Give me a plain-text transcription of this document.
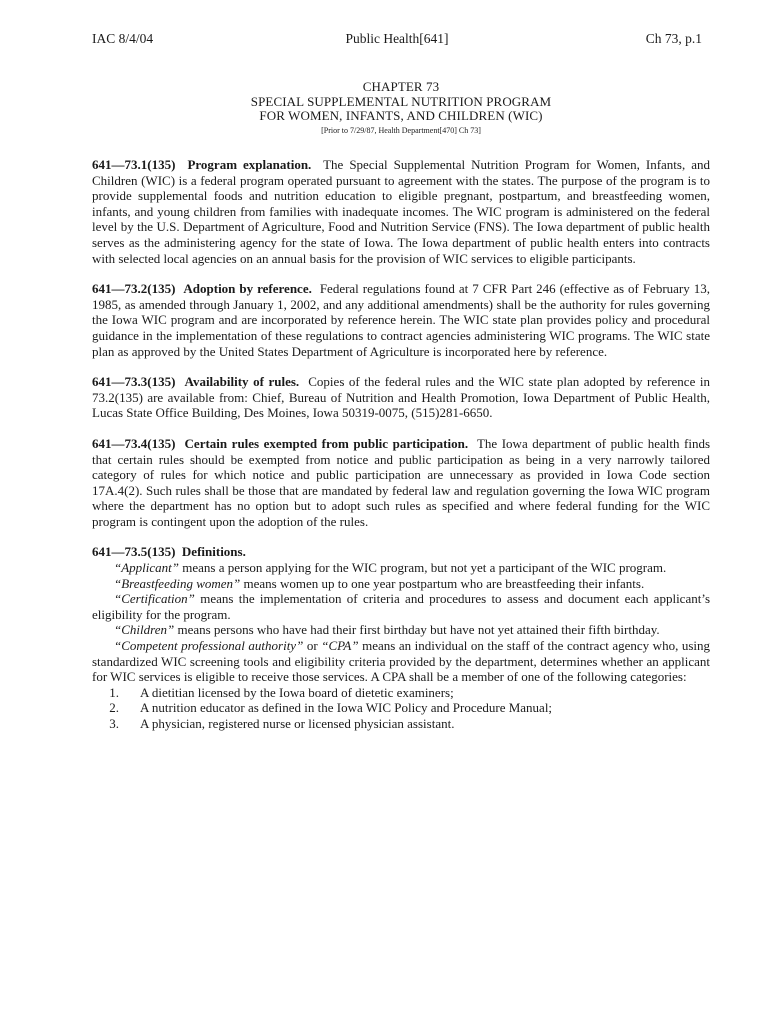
IAC 8/4/04	Public Health[641]	Ch 73, p.1
CHAPTER 73
SPECIAL SUPPLEMENTAL NUTRITION PROGRAM
FOR WOMEN, INFANTS, AND CHILDREN (WIC)
[Prior to 7/29/87, Health Department[470] Ch 73]

641—73.1(135) Program explanation. The Special Supplemental Nutrition Program for Women, Infants, and Children (WIC) is a federal program operated pursuant to agreement with the states. The purpose of the program is to provide supplemental foods and nutrition education to eligible pregnant, postpartum, and breastfeeding women, infants, and young children from families with inadequate incomes. The WIC program is administered on the federal level by the U.S. Department of Agriculture, Food and Nutrition Service (FNS). The Iowa department of public health serves as the administering agency for the state of Iowa. The Iowa department of public health enters into contracts with selected local agencies on an annual basis for the provision of WIC services to eligible participants.

641—73.2(135) Adoption by reference. Federal regulations found at 7 CFR Part 246 (effective as of February 13, 1985, as amended through January 1, 2002, and any additional amendments) shall be the authority for rules governing the Iowa WIC program and are incorporated by reference herein. The WIC state plan provides policy and procedural guidance in the implementation of these regulations to contract agencies administering WIC programs. The WIC state plan as approved by the United States Department of Agriculture is incorporated here by reference.

641—73.3(135) Availability of rules. Copies of the federal rules and the WIC state plan adopted by reference in 73.2(135) are available from: Chief, Bureau of Nutrition and Health Promotion, Iowa Department of Public Health, Lucas State Office Building, Des Moines, Iowa 50319-0075, (515)281-6650.

641—73.4(135) Certain rules exempted from public participation. The Iowa department of public health finds that certain rules should be exempted from notice and public participation as being in a very narrowly tailored category of rules for which notice and public participation are unnecessary as provided in Iowa Code section 17A.4(2). Such rules shall be those that are mandated by federal law and regulation governing the Iowa WIC program where the department has no option but to adopt such rules as specified and where federal funding for the WIC program is contingent upon the adoption of the rules.

641—73.5(135) Definitions.

“Applicant” means a person applying for the WIC program, but not yet a participant of the WIC program.

“Breastfeeding women” means women up to one year postpartum who are breastfeeding their infants.

“Certification” means the implementation of criteria and procedures to assess and document each applicant’s eligibility for the program.

“Children” means persons who have had their first birthday but have not yet attained their fifth birthday.

“Competent professional authority” or “CPA” means an individual on the staff of the contract agency who, using standardized WIC screening tools and eligibility criteria provided by the department, determines whether an applicant for WIC services is eligible to receive those services. A CPA shall be a member of one of the following categories:

1.	A dietitian licensed by the Iowa board of dietetic examiners;
2.	A nutrition educator as defined in the Iowa WIC Policy and Procedure Manual;
3.	A physician, registered nurse or licensed physician assistant.
